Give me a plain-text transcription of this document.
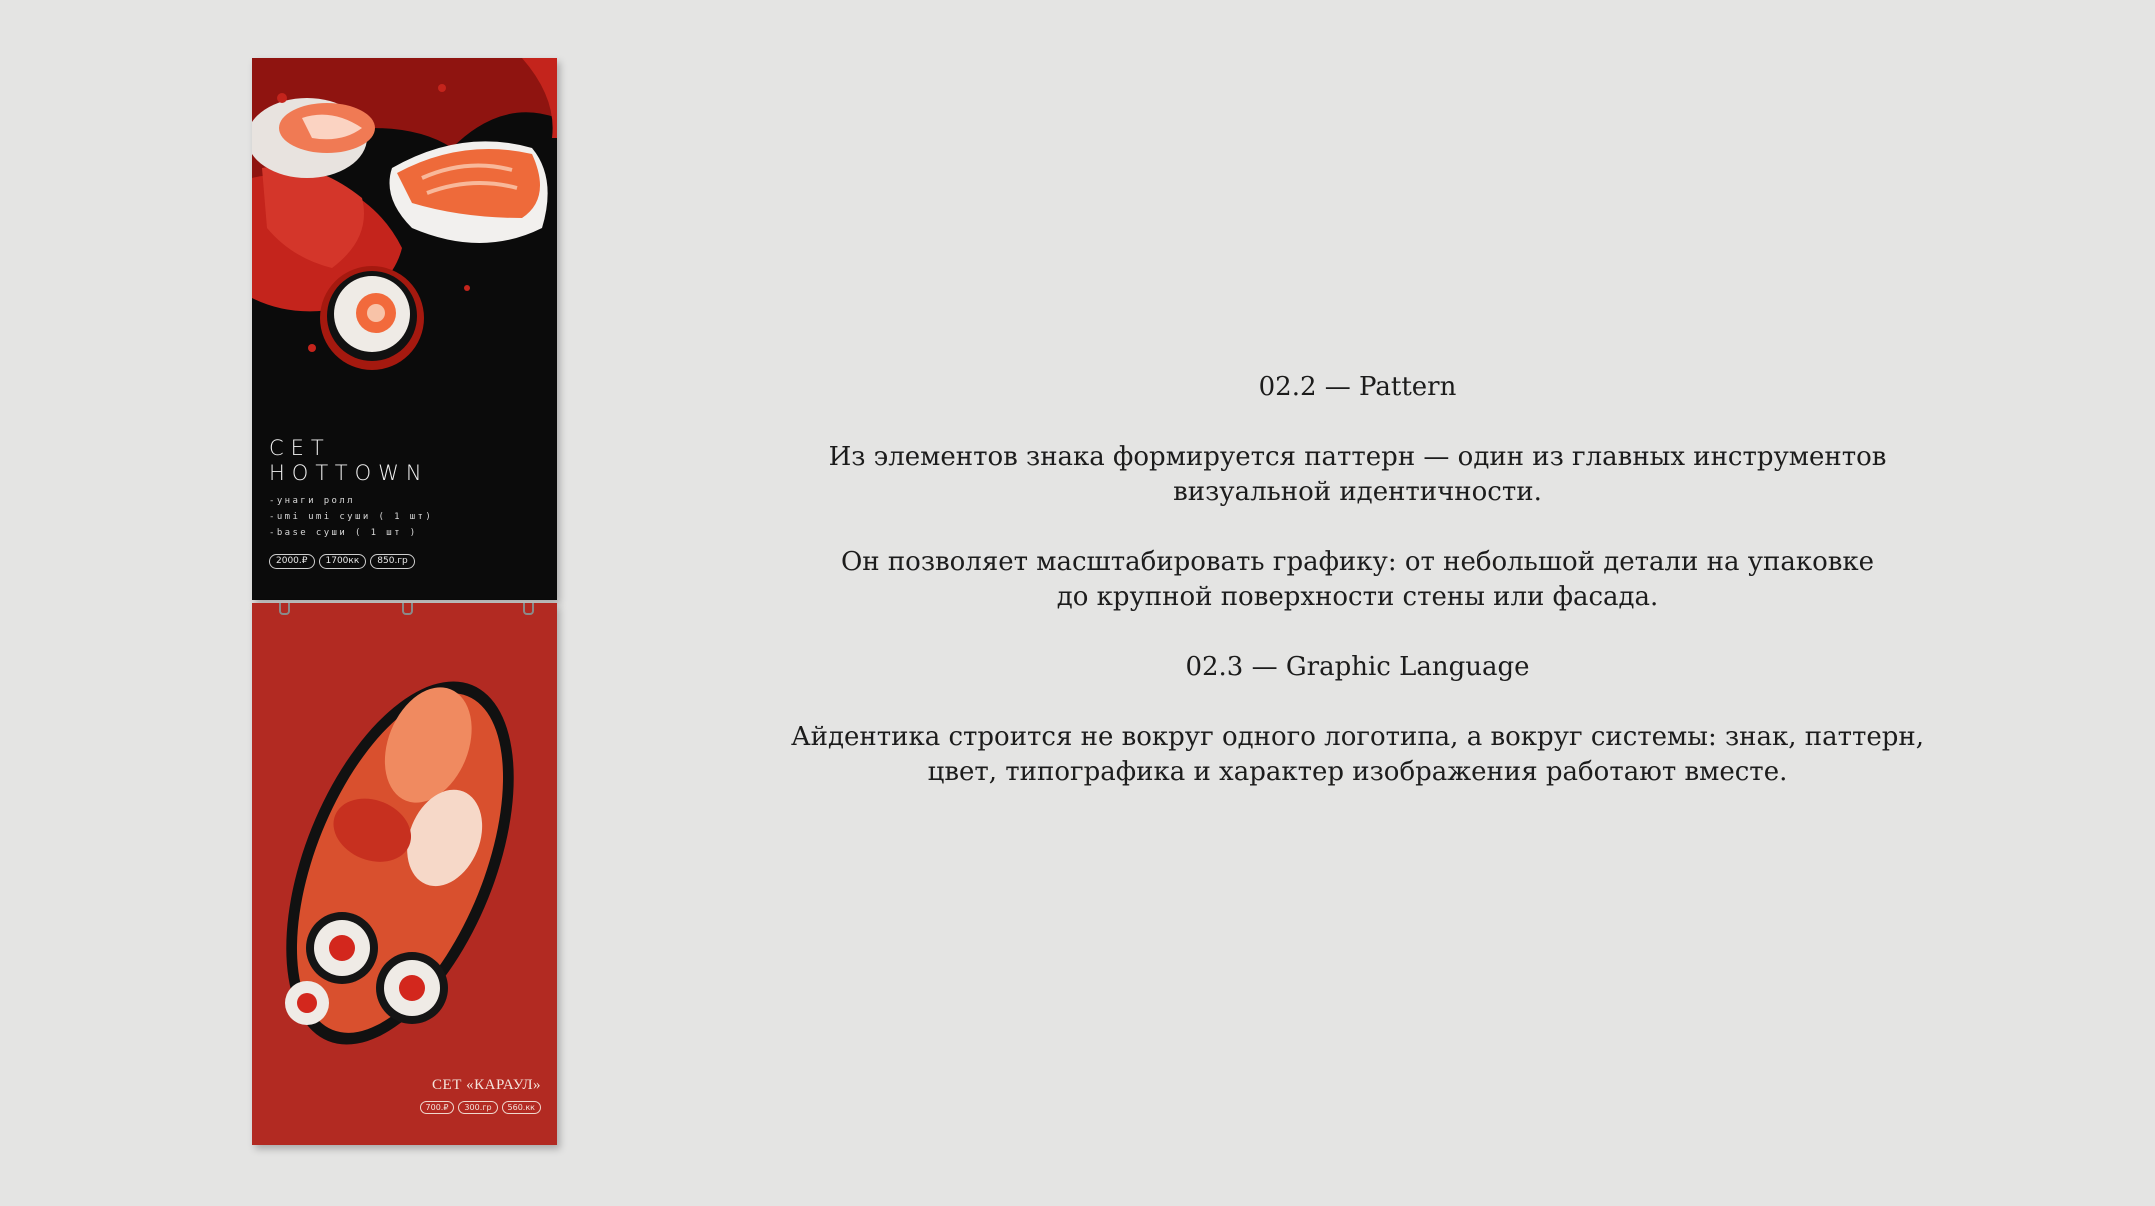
СЕТ
HOTTOWN
-унаги ролл
-umi umi суши ( 1 шт)
-base суши ( 1 шт )
2000.₽	1700кк	850.гр
СЕТ «КАРАУЛ»
700.₽	300.гр	560.кк

02.2 — Pattern

Из элементов знака формируется паттерн — один из главных инструментов
визуальной идентичности.

Он позволяет масштабировать графику: от небольшой детали на упаковке
до крупной поверхности стены или фасада.

02.3 — Graphic Language

Айдентика строится не вокруг одного логотипа, а вокруг системы: знак, паттерн,
цвет, типографика и характер изображения работают вместе.
